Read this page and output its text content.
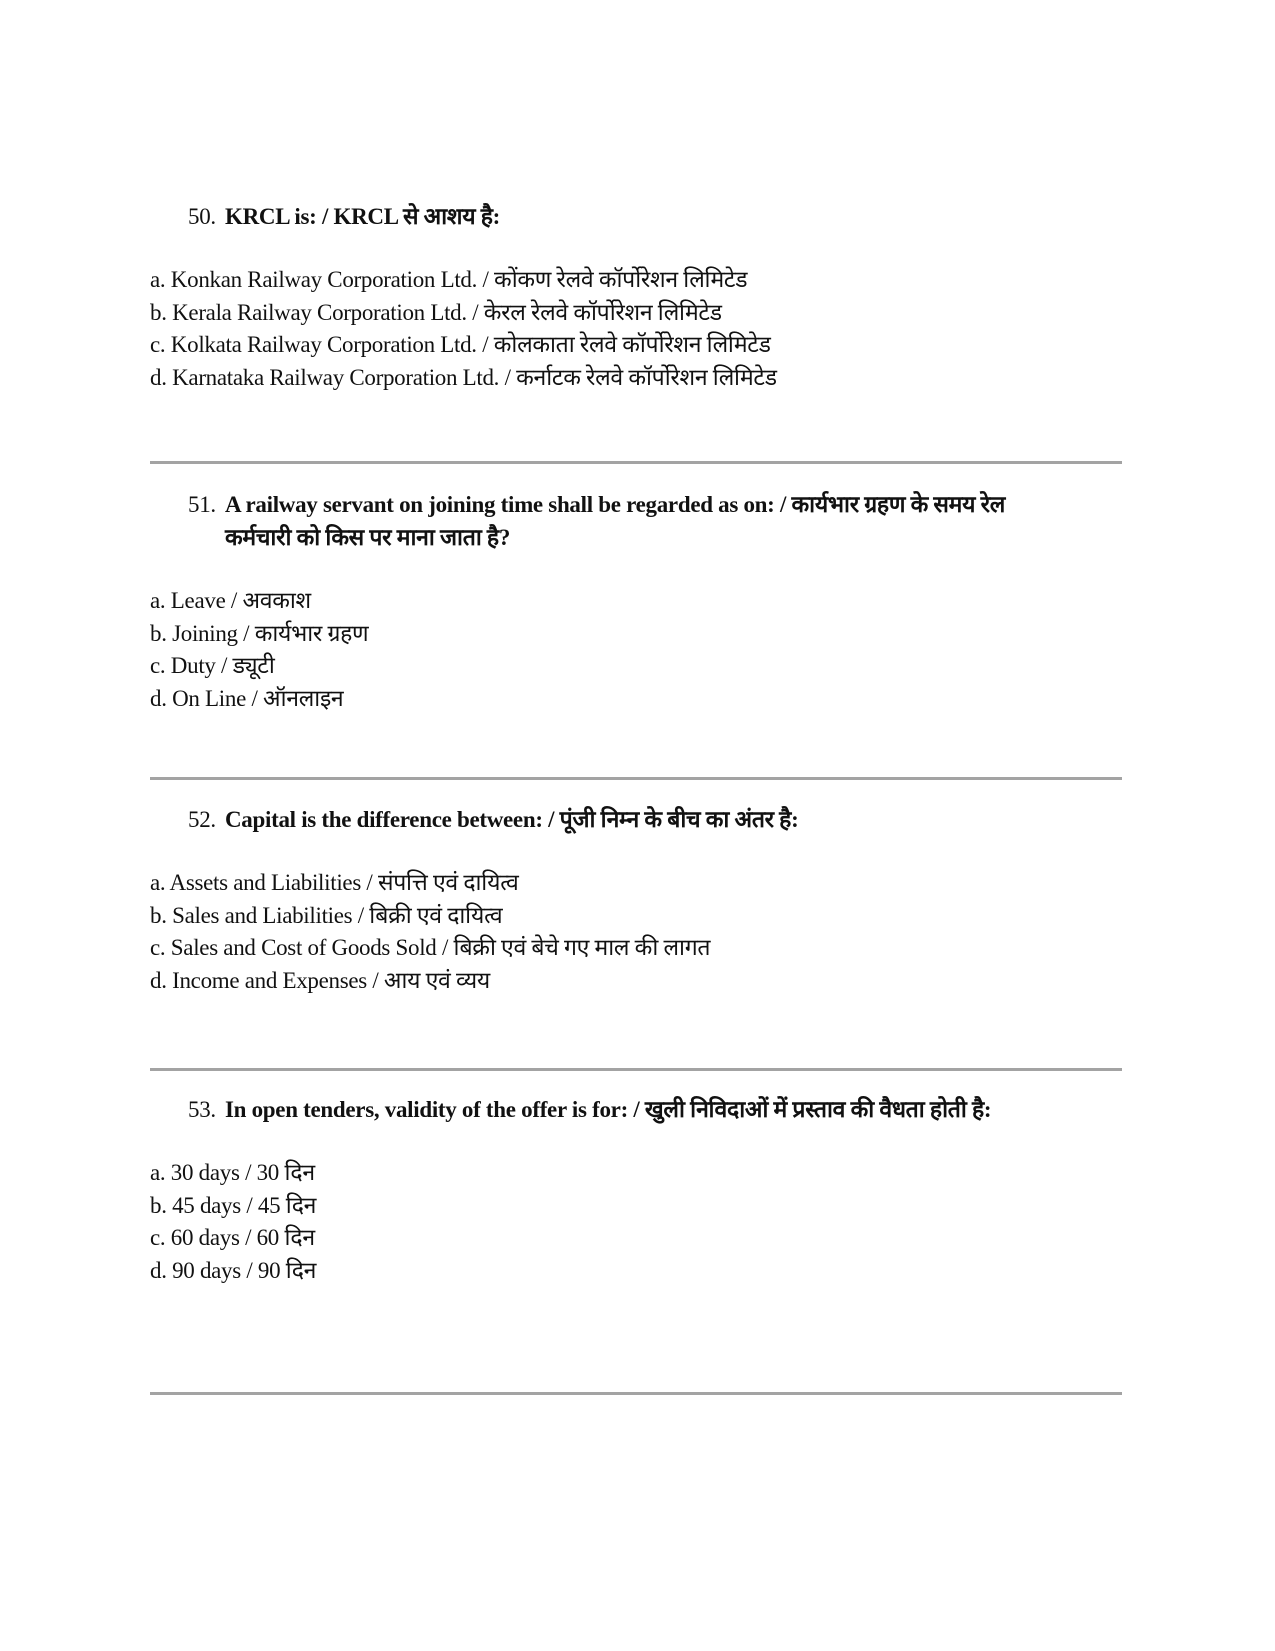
50. KRCL is: / KRCL से आशय है:
a. Konkan Railway Corporation Ltd. / कोंकण रेलवे कॉर्पोरेशन लिमिटेड
b. Kerala Railway Corporation Ltd. / केरल रेलवे कॉर्पोरेशन लिमिटेड
c. Kolkata Railway Corporation Ltd. / कोलकाता रेलवे कॉर्पोरेशन लिमिटेड
d. Karnataka Railway Corporation Ltd. / कर्नाटक रेलवे कॉर्पोरेशन लिमिटेड
51. A railway servant on joining time shall be regarded as on: / कार्यभार ग्रहण के समय रेल कर्मचारी को किस पर माना जाता है?
a. Leave / अवकाश
b. Joining / कार्यभार ग्रहण
c. Duty / ड्यूटी
d. On Line / ऑनलाइन
52. Capital is the difference between: / पूंजी निम्न के बीच का अंतर है:
a. Assets and Liabilities / संपत्ति एवं दायित्व
b. Sales and Liabilities / बिक्री एवं दायित्व
c. Sales and Cost of Goods Sold / बिक्री एवं बेचे गए माल की लागत
d. Income and Expenses / आय एवं व्यय
53. In open tenders, validity of the offer is for: / खुली निविदाओं में प्रस्ताव की वैधता होती है:
a. 30 days / 30 दिन
b. 45 days / 45 दिन
c. 60 days / 60 दिन
d. 90 days / 90 दिन
